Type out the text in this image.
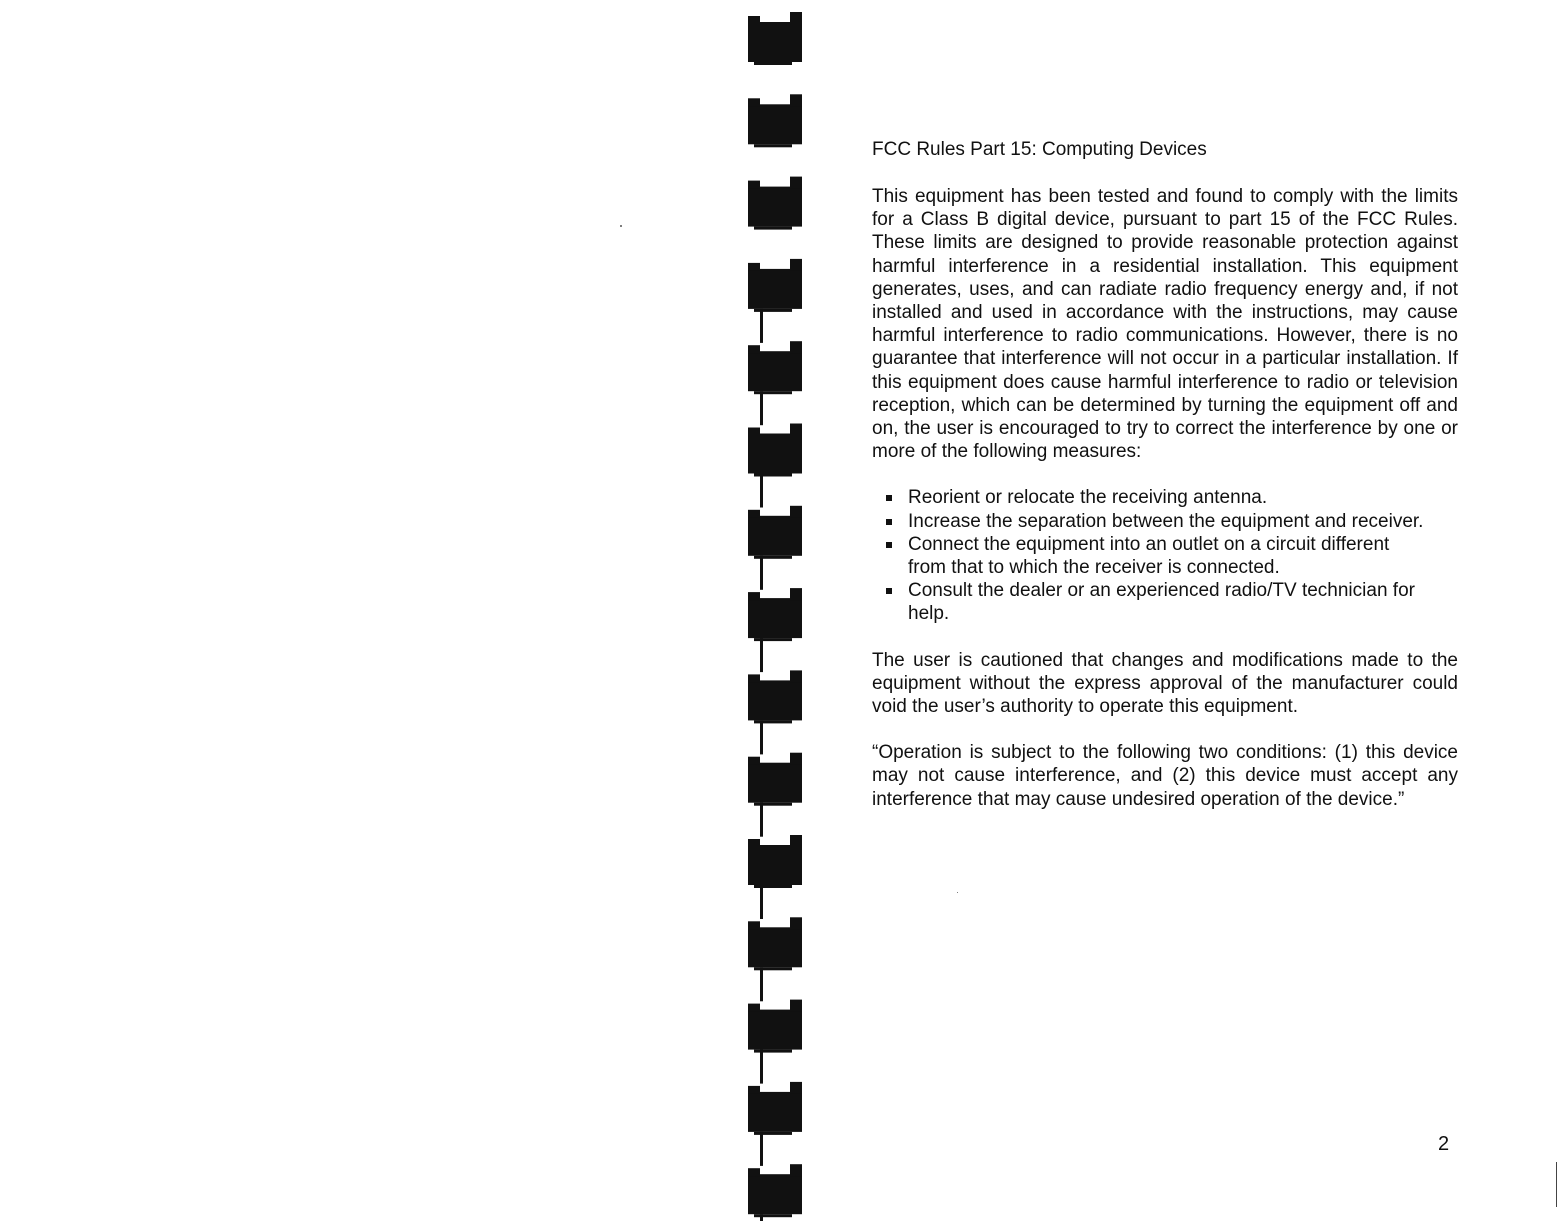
FCC Rules Part 15: Computing Devices

This equipment has been tested and found to comply with the limits for a Class B digital device, pursuant to part 15 of the FCC Rules. These limits are designed to provide reasonable protection against harmful interference in a residential installation. This equipment generates, uses, and can radiate radio frequency energy and, if not installed and used in accordance with the instructions, may cause harmful interference to radio communications. However, there is no guarantee that interference will not occur in a particular installation. If this equipment does cause harmful interference to radio or television reception, which can be determined by turning the equipment off and on, the user is encouraged to try to correct the interference by one or more of the following measures:

Reorient or relocate the receiving antenna.
Increase the separation between the equipment and receiver.
Connect the equipment into an outlet on a circuit different from that to which the receiver is connected.
Consult the dealer or an experienced radio/TV technician for help.

The user is cautioned that changes and modifications made to the equipment without the express approval of the manufacturer could void the user’s authority to operate this equipment.

“Operation is subject to the following two conditions: (1) this device may not cause interference, and (2) this device must accept any interference that may cause undesired operation of the device.”

2
